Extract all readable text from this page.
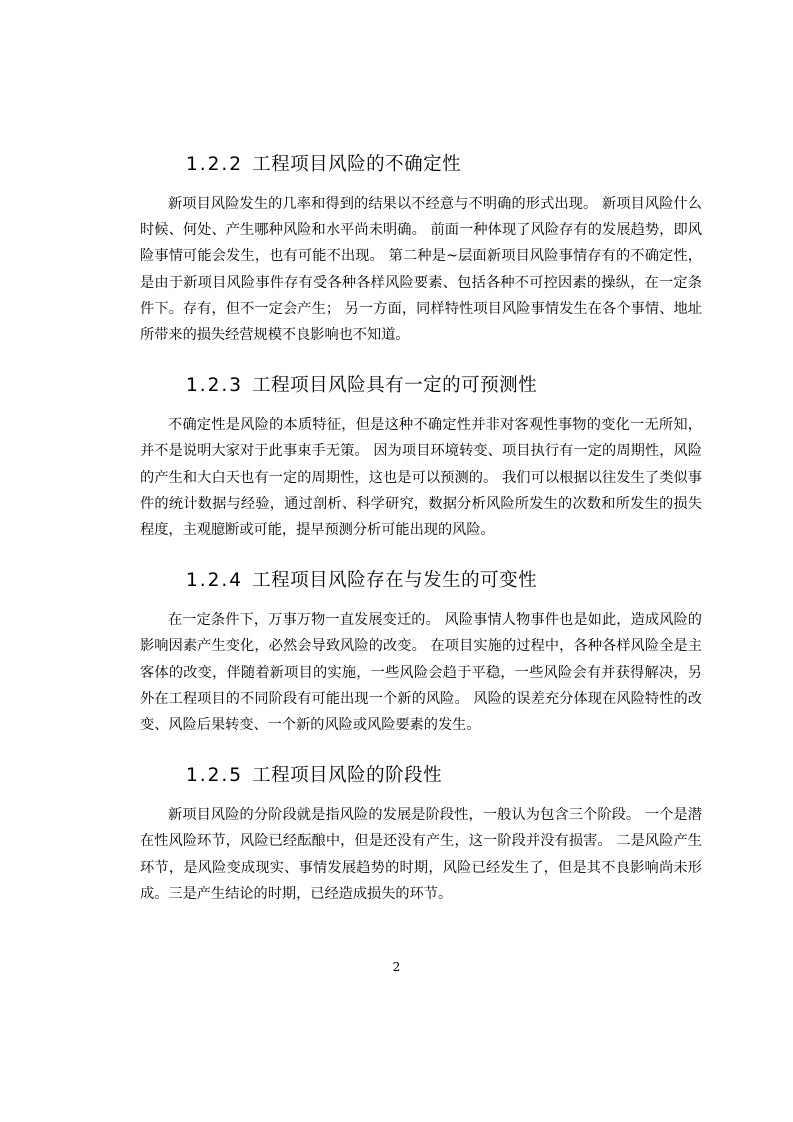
1.2.2 工程项目风险的不确定性

新项目风险发生的几率和得到的结果以不经意与不明确的形式出现。 新项目风险什么时候、何处、产生哪种风险和水平尚未明确。 前面一种体现了风险存有的发展趋势，即风险事情可能会发生，也有可能不出现。 第二种是~层面新项目风险事情存有的不确定性，是由于新项目风险事件存有受各种各样风险要素、包括各种不可控因素的操纵，在一定条件下。存有，但不一定会产生； 另一方面，同样特性项目风险事情发生在各个事情、地址所带来的损失经营规模不良影响也不知道。

1.2.3 工程项目风险具有一定的可预测性

不确定性是风险的本质特征，但是这种不确定性并非对客观性事物的变化一无所知，并不是说明大家对于此事束手无策。 因为项目环境转变、项目执行有一定的周期性，风险的产生和大白天也有一定的周期性，这也是可以预测的。 我们可以根据以往发生了类似事件的统计数据与经验，通过剖析、科学研究，数据分析风险所发生的次数和所发生的损失程度，主观臆断或可能，提早预测分析可能出现的风险。

1.2.4 工程项目风险存在与发生的可变性

在一定条件下，万事万物一直发展变迁的。 风险事情人物事件也是如此，造成风险的影响因素产生变化，必然会导致风险的改变。 在项目实施的过程中，各种各样风险全是主客体的改变，伴随着新项目的实施，一些风险会趋于平稳，一些风险会有并获得解决，另外在工程项目的不同阶段有可能出现一个新的风险。 风险的误差充分体现在风险特性的改变、风险后果转变、一个新的风险或风险要素的发生。

1.2.5 工程项目风险的阶段性

新项目风险的分阶段就是指风险的发展是阶段性，一般认为包含三个阶段。 一个是潜在性风险环节，风险已经酝酿中，但是还没有产生，这一阶段并没有损害。 二是风险产生环节，是风险变成现实、事情发展趋势的时期，风险已经发生了，但是其不良影响尚未形成。三是产生结论的时期，已经造成损失的环节。

2
